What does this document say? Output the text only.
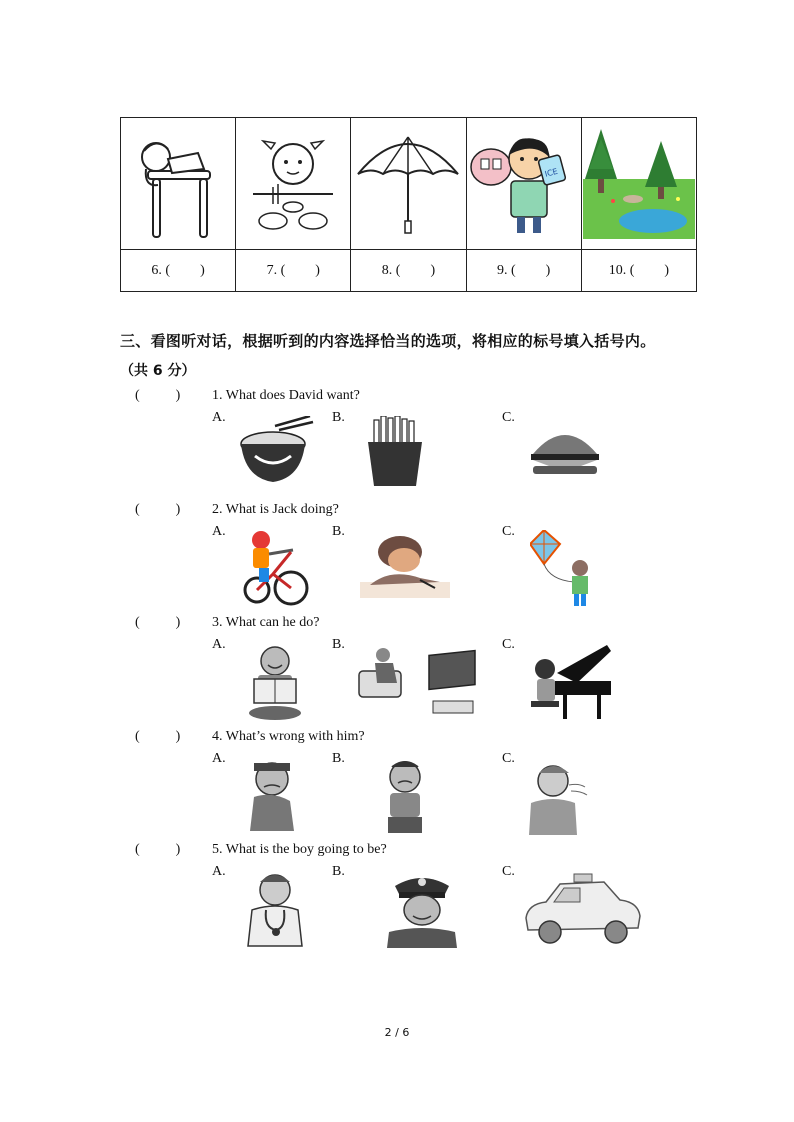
ICE

6. ( )	7. ( )	8. ( )	9. ( )	10. ( )
三、看图听对话，根据听到的内容选择恰当的选项，将相应的标号填入括号内。
（共 6 分）
(	) 1. What does David want?
A.	B.	C.
(	) 2. What is Jack doing?
A.	B.	C.
(	) 3. What can he do?
A.	B.	C.
(	) 4. What’s wrong with him?
A.	B.	C.
(	) 5. What is the boy going to be?
A.	B.	C.
2 / 6
